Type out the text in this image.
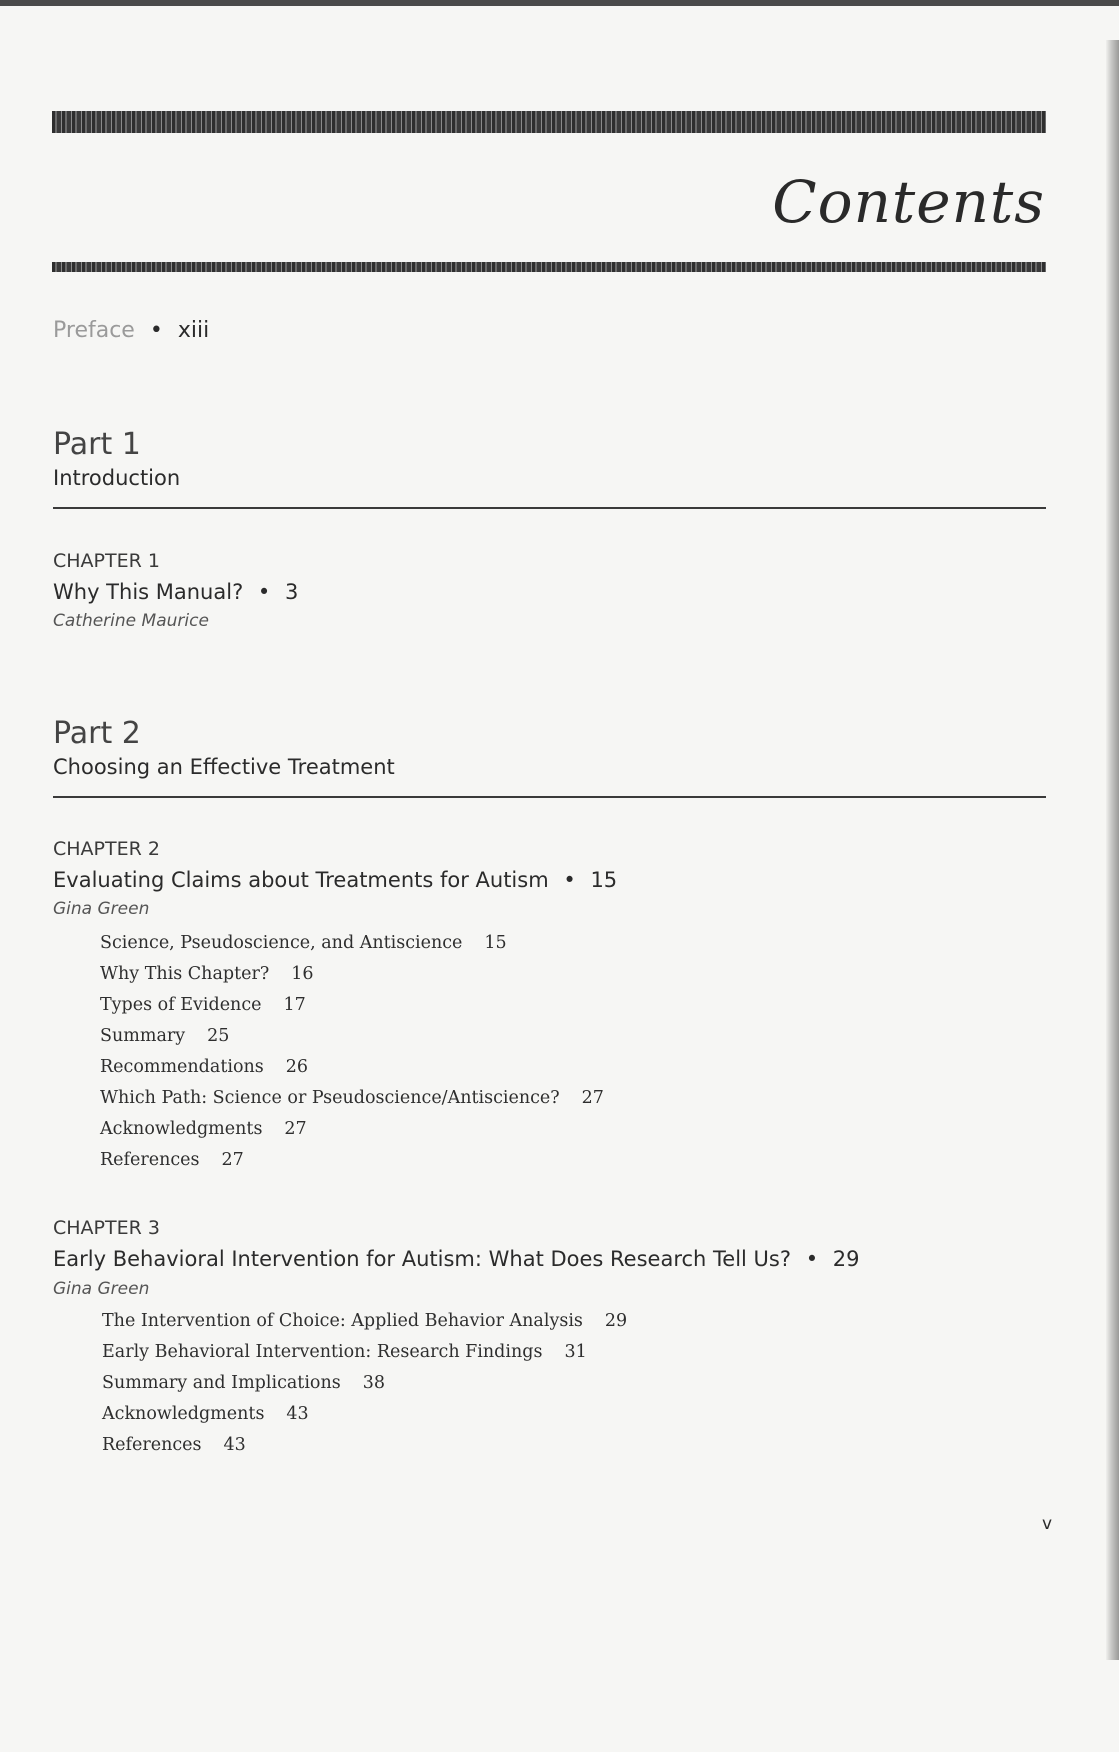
Contents
Preface • xiii
Part 1
Introduction
CHAPTER 1
Why This Manual? • 3
Catherine Maurice
Part 2
Choosing an Effective Treatment
CHAPTER 2
Evaluating Claims about Treatments for Autism • 15
Gina Green
Science, Pseudoscience, and Antiscience 15
Why This Chapter? 16
Types of Evidence 17
Summary 25
Recommendations 26
Which Path: Science or Pseudoscience/Antiscience? 27
Acknowledgments 27
References 27
CHAPTER 3
Early Behavioral Intervention for Autism: What Does Research Tell Us? • 29
Gina Green
The Intervention of Choice: Applied Behavior Analysis 29
Early Behavioral Intervention: Research Findings 31
Summary and Implications 38
Acknowledgments 43
References 43
v
